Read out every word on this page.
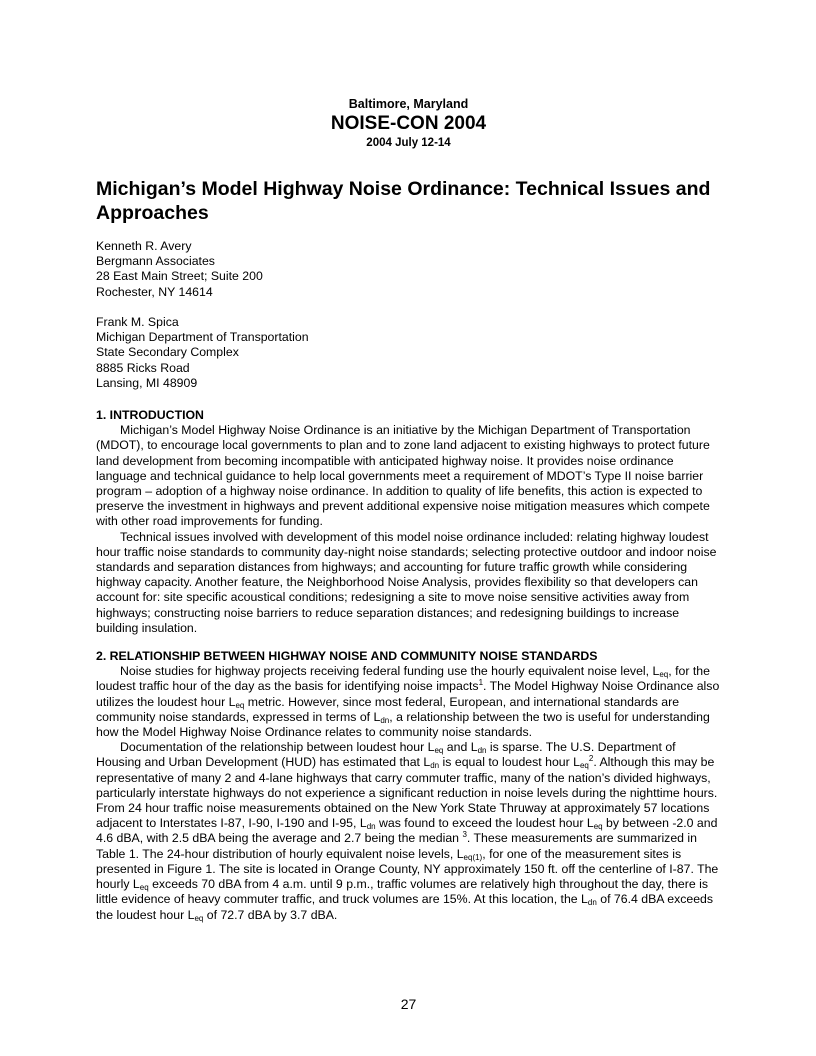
Baltimore, Maryland
NOISE-CON 2004
2004 July 12-14
Michigan’s Model Highway Noise Ordinance: Technical Issues and Approaches

Kenneth R. Avery
Bergmann Associates
28 East Main Street; Suite 200
Rochester, NY 14614

Frank M. Spica
Michigan Department of Transportation
State Secondary Complex
8885 Ricks Road
Lansing, MI 48909

1. INTRODUCTION

Michigan’s Model Highway Noise Ordinance is an initiative by the Michigan Department of Transportation (MDOT), to encourage local governments to plan and to zone land adjacent to existing highways to protect future land development from becoming incompatible with anticipated highway noise. It provides noise ordinance language and technical guidance to help local governments meet a requirement of MDOT’s Type II noise barrier program – adoption of a highway noise ordinance. In addition to quality of life benefits, this action is expected to preserve the investment in highways and prevent additional expensive noise mitigation measures which compete with other road improvements for funding.

Technical issues involved with development of this model noise ordinance included: relating highway loudest hour traffic noise standards to community day-night noise standards; selecting protective outdoor and indoor noise standards and separation distances from highways; and accounting for future traffic growth while considering highway capacity. Another feature, the Neighborhood Noise Analysis, provides flexibility so that developers can account for: site specific acoustical conditions; redesigning a site to move noise sensitive activities away from highways; constructing noise barriers to reduce separation distances; and redesigning buildings to increase building insulation.

2. RELATIONSHIP BETWEEN HIGHWAY NOISE AND COMMUNITY NOISE STANDARDS

Noise studies for highway projects receiving federal funding use the hourly equivalent noise level, $L_{eq}$, for the loudest traffic hour of the day as the basis for identifying noise impacts$^1$. The Model Highway Noise Ordinance also utilizes the loudest hour $L_{eq}$ metric. However, since most federal, European, and international standards are community noise standards, expressed in terms of $L_{dn}$, a relationship between the two is useful for understanding how the Model Highway Noise Ordinance relates to community noise standards.

Documentation of the relationship between loudest hour $L_{eq}$ and $L_{dn}$ is sparse. The U.S. Department of Housing and Urban Development (HUD) has estimated that $L_{dn}$ is equal to loudest hour $L_{eq}^2$. Although this may be representative of many 2 and 4-lane highways that carry commuter traffic, many of the nation’s divided highways, particularly interstate highways do not experience a significant reduction in noise levels during the nighttime hours. From 24 hour traffic noise measurements obtained on the New York State Thruway at approximately 57 locations adjacent to Interstates I-87, I-90, I-190 and I-95, $L_{dn}$ was found to exceed the loudest hour $L_{eq}$ by between -2.0 and 4.6 dBA, with 2.5 dBA being the average and 2.7 being the median $^3$. These measurements are summarized in Table 1. The 24-hour distribution of hourly equivalent noise levels, $L_{eq(1)}$, for one of the measurement sites is presented in Figure 1. The site is located in Orange County, NY approximately 150 ft. off the centerline of I-87. The hourly $L_{eq}$ exceeds 70 dBA from 4 a.m. until 9 p.m., traffic volumes are relatively high throughout the day, there is little evidence of heavy commuter traffic, and truck volumes are 15%. At this location, the $L_{dn}$ of 76.4 dBA exceeds the loudest hour $L_{eq}$ of 72.7 dBA by 3.7 dBA.

27
